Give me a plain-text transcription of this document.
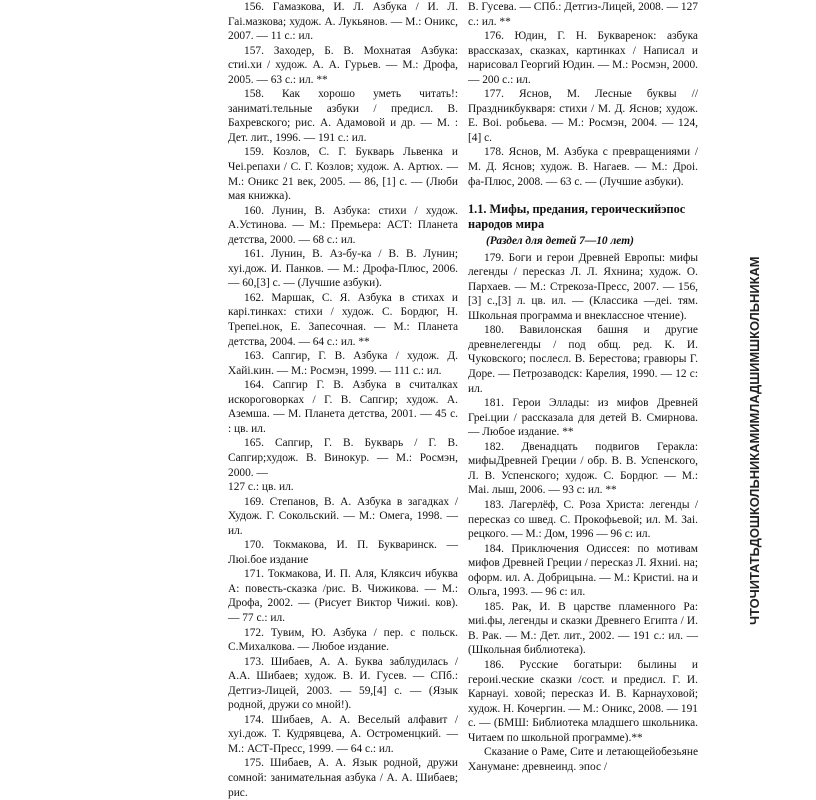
156. Гамазкова, И. Л. Азбука / И. Л. Гаі.мазкова; худож. А. Лукьянов. — М.: Оникс, 2007. — 11 с.: ил.

157. Заходер, Б. В. Мохнатая Азбука: стиі.хи / худож. А. А. Гурьев. — М.: Дрофа, 2005. — 63 с.: ил. **

158. Как хорошо уметь читать!: заниматі.тельные азбуки / предисл. В. Бахревского; рис. А. Адамовой и др. — М. : Дет. лит., 1996. — 191 с.: ил.

159. Козлов, С. Г. Букварь Львенка и Чеі.репахи / С. Г. Козлов; худож. А. Артюх. — М.: Оникс 21 век, 2005. — 86, [1] с. — (Люби мая книжка).

160. Лунин, В. Азбука: стихи / худож. А.Устинова. — М.: Премьера: АСТ: Планета детства, 2000. — 68 с.: ил.

161. Лунин, В. Аз-бу-ка / В. В. Лунин; хуі.дож. И. Панков. — М.: Дрофа-Плюс, 2006. — 60,[3] с. — (Лучшие азбуки).

162. Маршак, С. Я. Азбука в стихах и карі.тинках: стихи / худож. С. Бордюг, Н. Трепеі.нок, Е. Запесочная. — М.: Планета детства, 2004. — 64 с.: ил. **

163. Сапгир, Г. В. Азбука / худож. Д. Хайі.кин. — М.: Росмэн, 1999. — 111 с.: ил.

164. Сапгир Г. В. Азбука в считалках искороговорках / Г. В. Сапгир; худож. А. Аземша. — М. Планета детства, 2001. — 45 с. : цв. ил.

165. Сапгир, Г. В. Букварь / Г. В. Сапгир;худож. В. Винокур. — М.: Росмэн, 2000. —

127 с.: цв. ил.

169. Степанов, В. А. Азбука в загадках /Худож. Г. Сокольский. — М.: Омега, 1998. — ил.

170. Токмакова, И. П. Букваринск. — Люі.бое издание

171. Токмакова, И. П. Аля, Кляксич ибуква А: повесть-сказка /рис. В. Чижикова. — М.: Дрофа, 2002. — (Рисует Виктор Чижиі. ков). — 77 с.: ил.

172. Тувим, Ю. Азбука / пер. с польск. С.Михалкова. — Любое издание.

173. Шибаев, А. А. Буква заблудилась / А.А. Шибаев; худож. В. И. Гусев. — СПб.: Детгиз-Лицей, 2003. — 59,[4] с. — (Язык родной, дружи со мной!).

174. Шибаев, А. А. Веселый алфавит / хуі.дож. Т. Кудрявцева, А. Остроменцкий. — М.: АСТ-Пресс, 1999. — 64 с.: ил.

175. Шибаев, А. А. Язык родной, дружи сомной: занимательная азбука / А. А. Шибаев; рис.

В. Гусева. — СПб.: Детгиз-Лицей, 2008. — 127 с.: ил. **

176. Юдин, Г. Н. Букваренок: азбука врассказах, сказках, картинках / Написал и нарисовал Георгий Юдин. — М.: Росмэн, 2000. — 200 с.: ил.

177. Яснов, М. Лесные буквы // Праздникбукваря: стихи / М. Д. Яснов; худож. Е. Воі. робьева. — М.: Росмэн, 2004. — 124, [4] с.

178. Яснов, М. Азбука с превращениями /М. Д. Яснов; худож. В. Нагаев. — М.: Дроі. фа-Плюс, 2008. — 63 с. — (Лучшие азбуки).

1.1. Мифы, предания, героическийэпос народов мира
(Раздел для детей 7—10 лет)

179. Боги и герои Древней Европы: мифы легенды / пересказ Л. Л. Яхнина; худож. О. Пархаев. — М.: Стрекоза-Пресс, 2007. — 156, [3] с.,[3] л. цв. ил. — (Классика —деі. тям. Школьная программа и внеклассное чтение).

180. Вавилонская башня и другие древнелегенды / под общ. ред. К. И. Чуковского; послесл. В. Берестова; гравюры Г. Доре. — Петрозаводск: Карелия, 1990. — 12 с: ил.

181. Герои Эллады: из мифов Древней Греі.ции / рассказала для детей В. Смирнова. — Любое издание. **

182. Двенадцать подвигов Геракла: мифыДревней Греции / обр. В. В. Успенского, Л. В. Успенского; худож. С. Бордюг. — М.: Маі. лыш, 2006. — 93 с: ил. **

183. Лагерлёф, С. Роза Христа: легенды /пересказ со швед. С. Прокофьевой; ил. М. Заі. рецкого. — М.: Дом, 1996 — 96 с: ил.

184. Приключения Одиссея: по мотивам мифов Древней Греции / пересказ Л. Яхниі. на; оформ. ил. А. Добрицына. — М.: Кристиі. на и Ольга, 1993. — 96 с: ил.

185. Рак, И. В царстве пламенного Ра: миі.фы, легенды и сказки Древнего Египта / И. В. Рак. — М.: Дет. лит., 2002. — 191 с.: ил. — (Школьная библиотека).

186. Русские богатыри: былины и героиі.ческие сказки /сост. и предисл. Г. И. Карнауі. ховой; пересказ И. В. Карнауховой; худож. Н. Кочергин. — М.: Оникс, 2008. — 191 с. — (БМШ: Библиотека младшего школьника. Читаем по школьной программе).**

Сказание о Раме, Сите и летающейобезьяне Ханумане: древнеинд. эпос /

ЧТОЧИТАТЬДОШКОЛЬНИКАМИМЛАДШИМШКОЛЬНИКАМ
